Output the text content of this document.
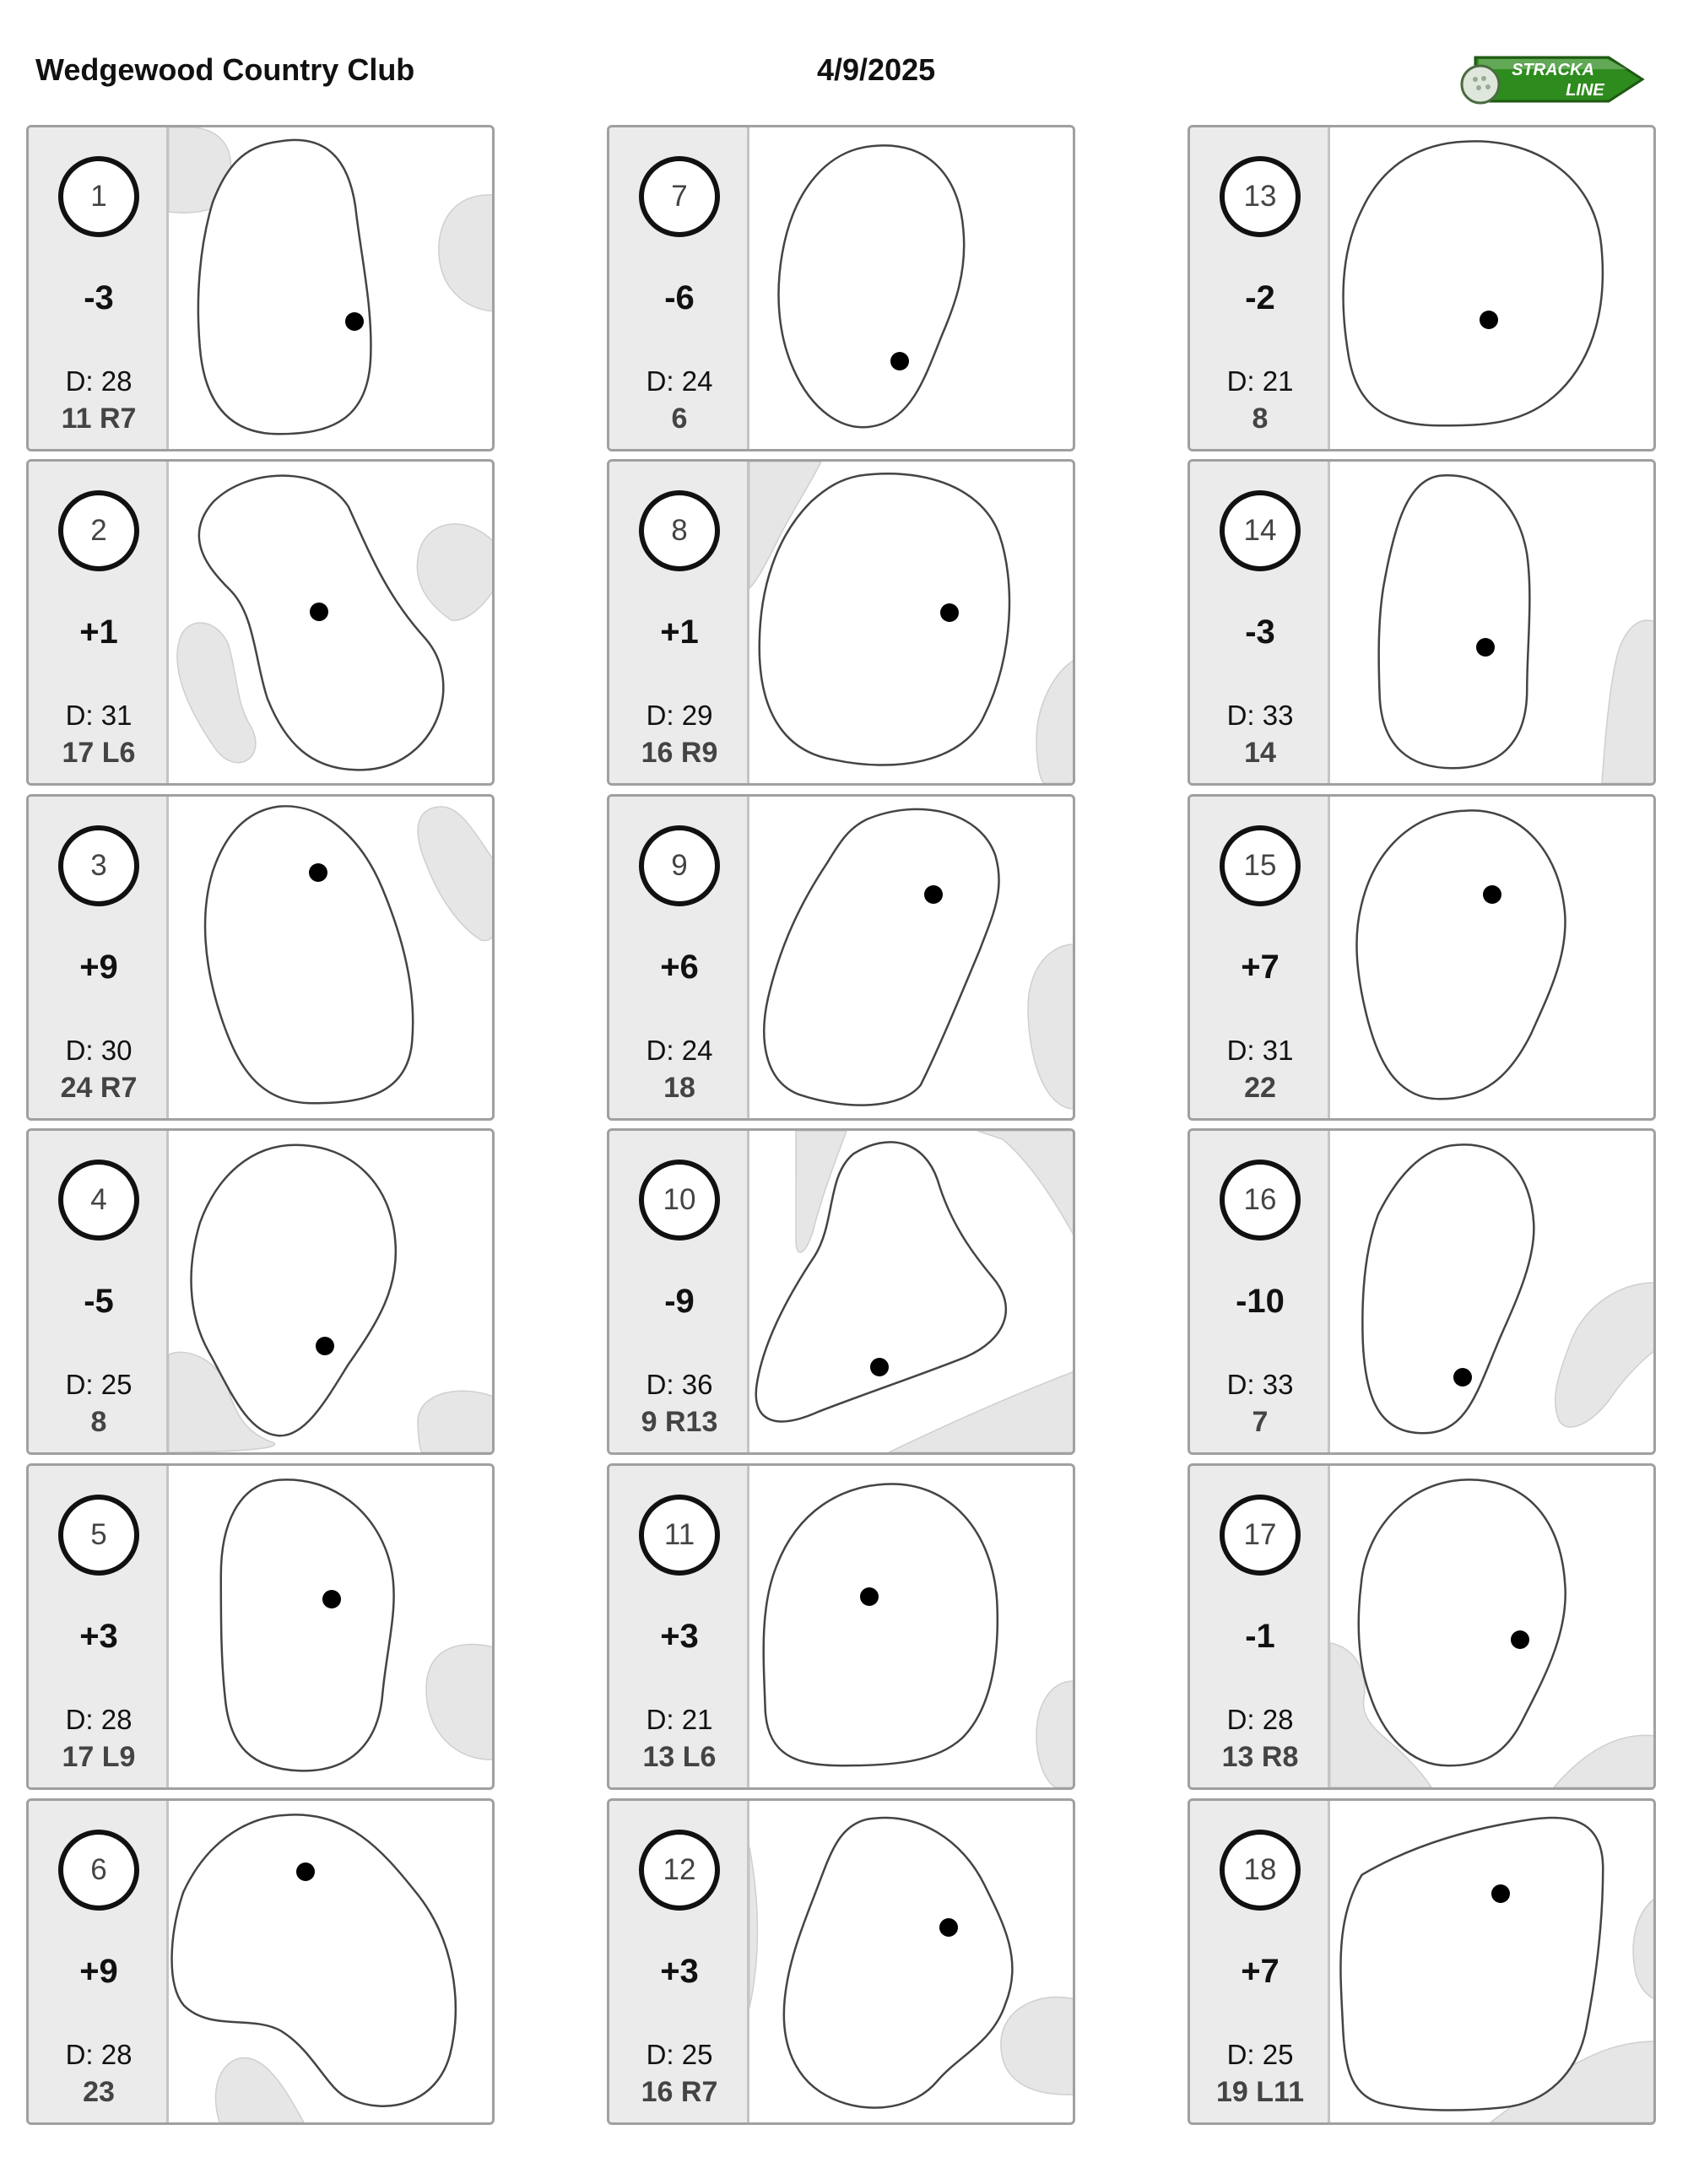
Wedgewood Country Club	4/9/2025	STRACKA
LINE
1
-3
D: 28
11 R7
2
+1
D: 31
17 L6
3
+9
D: 30
24 R7
4
-5
D: 25
8
5
+3
D: 28
17 L9
6
+9
D: 28
23
7
-6
D: 24
6
8
+1
D: 29
16 R9
9
+6
D: 24
18
10
-9
D: 36
9 R13
11
+3
D: 21
13 L6
12
+3
D: 25
16 R7
13
-2
D: 21
8
14
-3
D: 33
14
15
+7
D: 31
22
16
-10
D: 33
7
17
-1
D: 28
13 R8
18
+7
D: 25
19 L11
